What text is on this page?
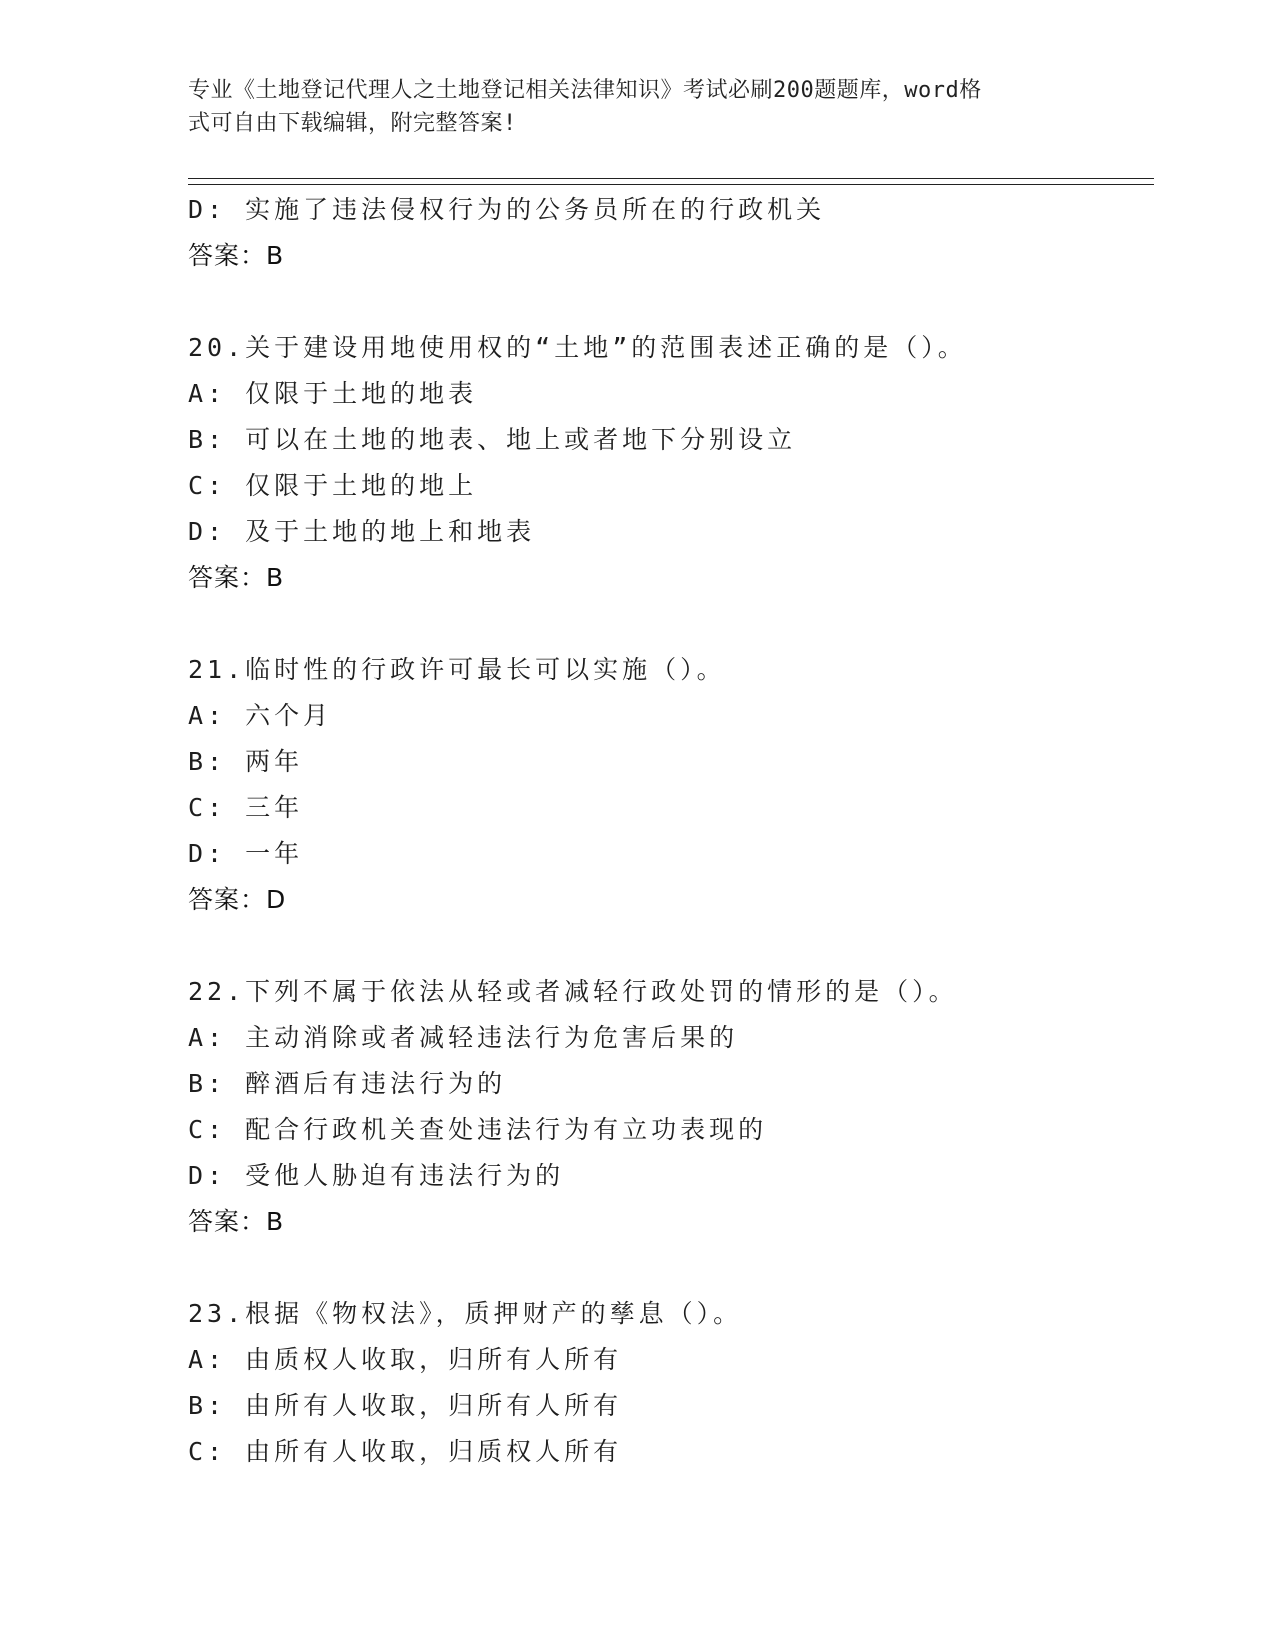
专业《土地登记代理人之土地登记相关法律知识》考试必刷200题题库，word格
式可自由下载编辑，附完整答案!
D: 实施了违法侵权行为的公务员所在的行政机关
答案：B
20.关于建设用地使用权的“土地”的范围表述正确的是（）。
A: 仅限于土地的地表
B: 可以在土地的地表、地上或者地下分别设立
C: 仅限于土地的地上
D: 及于土地的地上和地表
答案：B
21.临时性的行政许可最长可以实施（）。
A: 六个月
B: 两年
C: 三年
D: 一年
答案：D
22.下列不属于依法从轻或者减轻行政处罚的情形的是（）。
A: 主动消除或者减轻违法行为危害后果的
B: 醉酒后有违法行为的
C: 配合行政机关查处违法行为有立功表现的
D: 受他人胁迫有违法行为的
答案：B
23.根据《物权法》，质押财产的孳息（）。
A: 由质权人收取，归所有人所有
B: 由所有人收取，归所有人所有
C: 由所有人收取，归质权人所有
